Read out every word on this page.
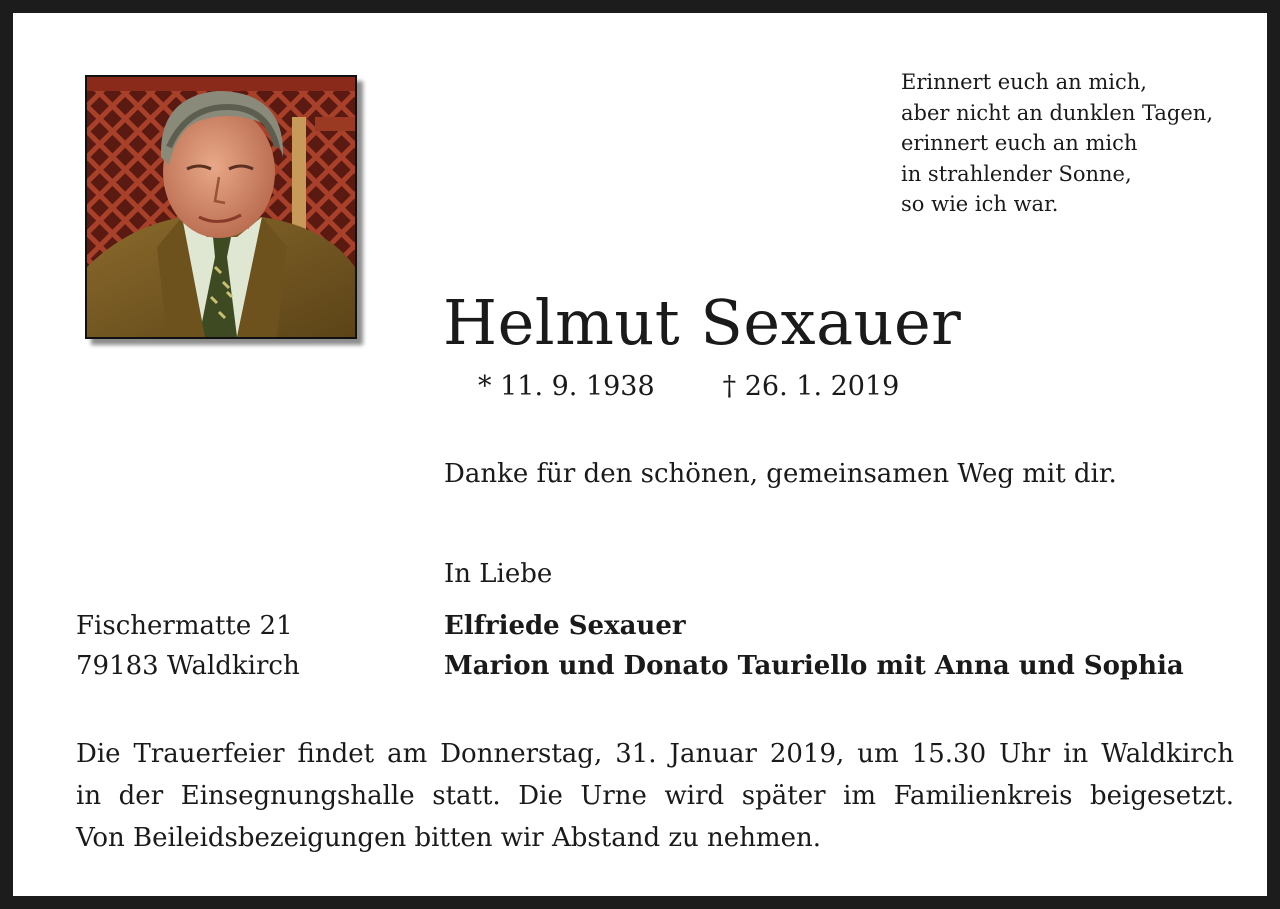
Erinnert euch an mich,
aber nicht an dunklen Tagen,
erinnert euch an mich
in strahlender Sonne,
so wie ich war.
Helmut Sexauer
* 11. 9. 1938	† 26. 1. 2019
Danke für den schönen, gemeinsamen Weg mit dir.
In Liebe
Fischermatte 21
79183 Waldkirch
Elfriede Sexauer
Marion und Donato Tauriello mit Anna und Sophia
Die Trauerfeier findet am Donnerstag, 31. Januar 2019, um 15.30 Uhr in Waldkirch
in der Einsegnungshalle statt. Die Urne wird später im Familienkreis beigesetzt.
Von Beileidsbezeigungen bitten wir Abstand zu nehmen.
